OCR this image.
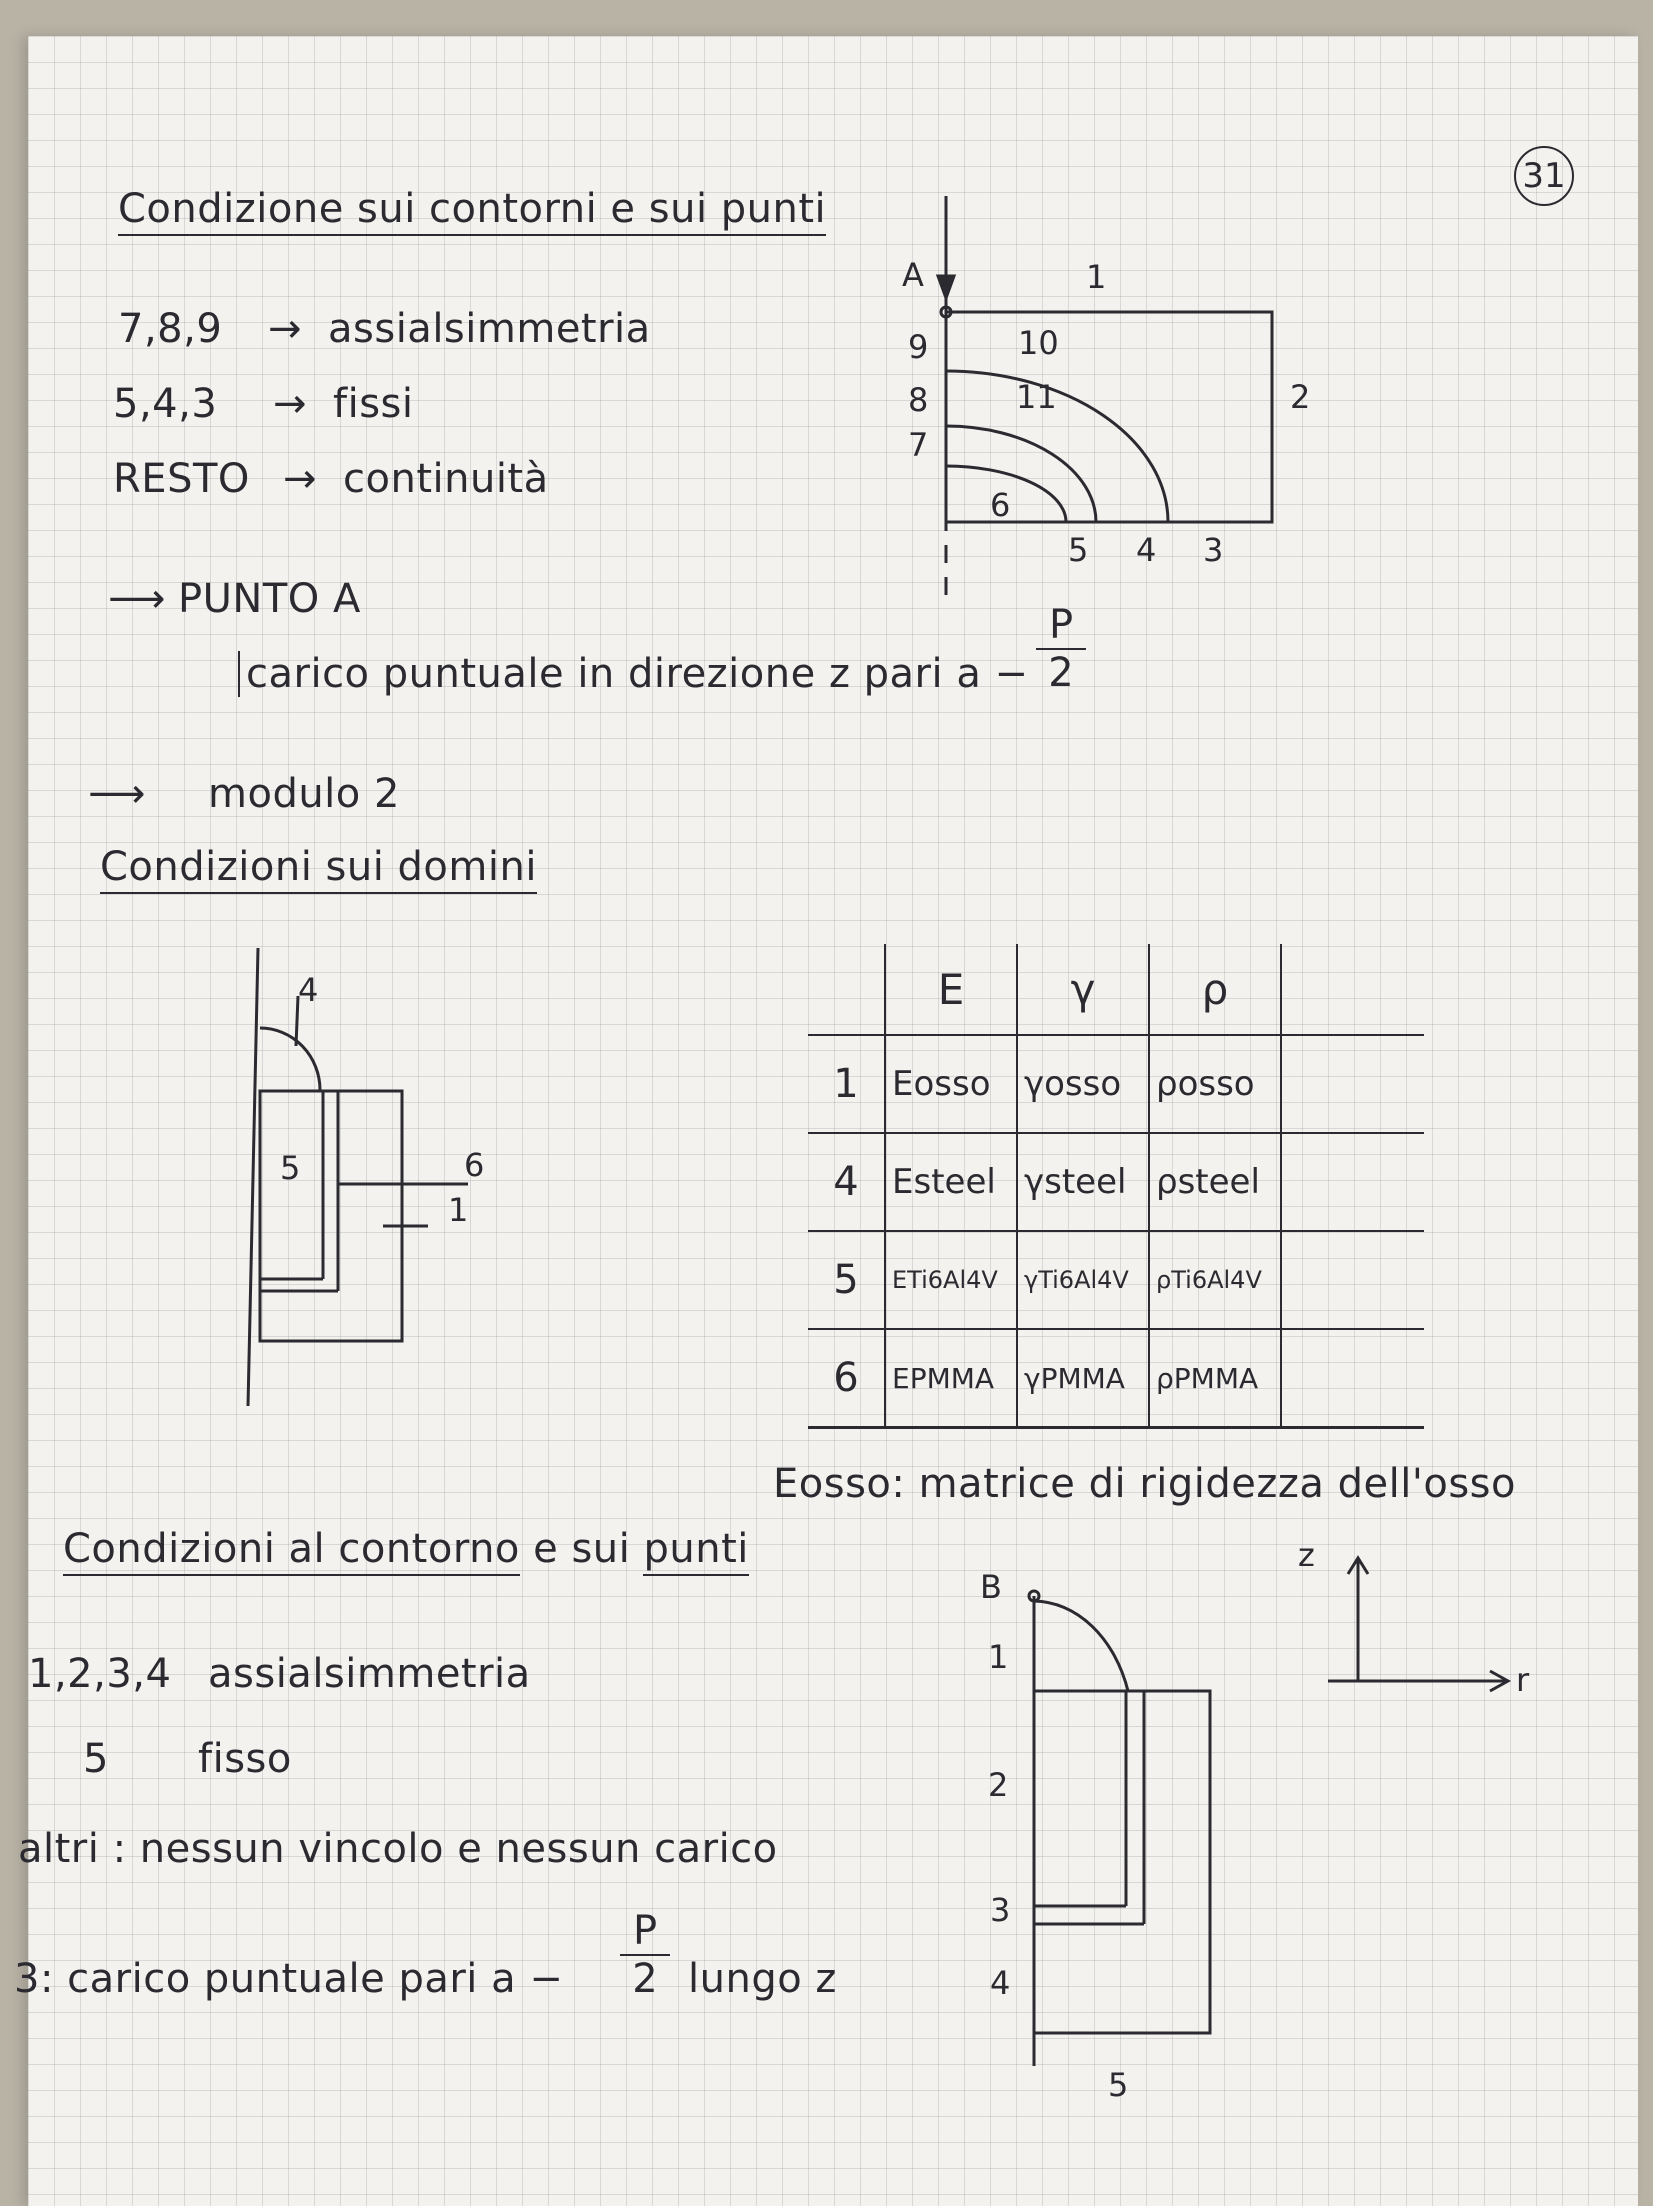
31
Condizione sui contorni e sui punti
7,8,9 → assialsimmetria
5,4,3 → fissi
RESTO → continuità
⟶ PUNTO A
carico puntuale in direzione z pari $a - \frac{P}{2}$
⟶ modulo 2
Condizioni sui domini
	E	γ	ρ	
1	Eosso	γosso	ρosso	
4	Esteel	γsteel	ρsteel	
5	ETi6Al4V	γTi6Al4V	ρTi6Al4V	
6	EPMMA	γPMMA	ρPMMA	
Eosso: matrice di rigidezza dell'osso
Condizioni al contorno e sui punti
1,2,3,4 assialsimmetria
5 fisso
altri : nessun vincolo e nessun carico
3: carico puntuale pari $a - \frac{P}{2}$ lungo z
A	1
2
3
4
5
6
7
8
9	10
11
4
5	6
1
B
1
2
3
4
5
z
r
